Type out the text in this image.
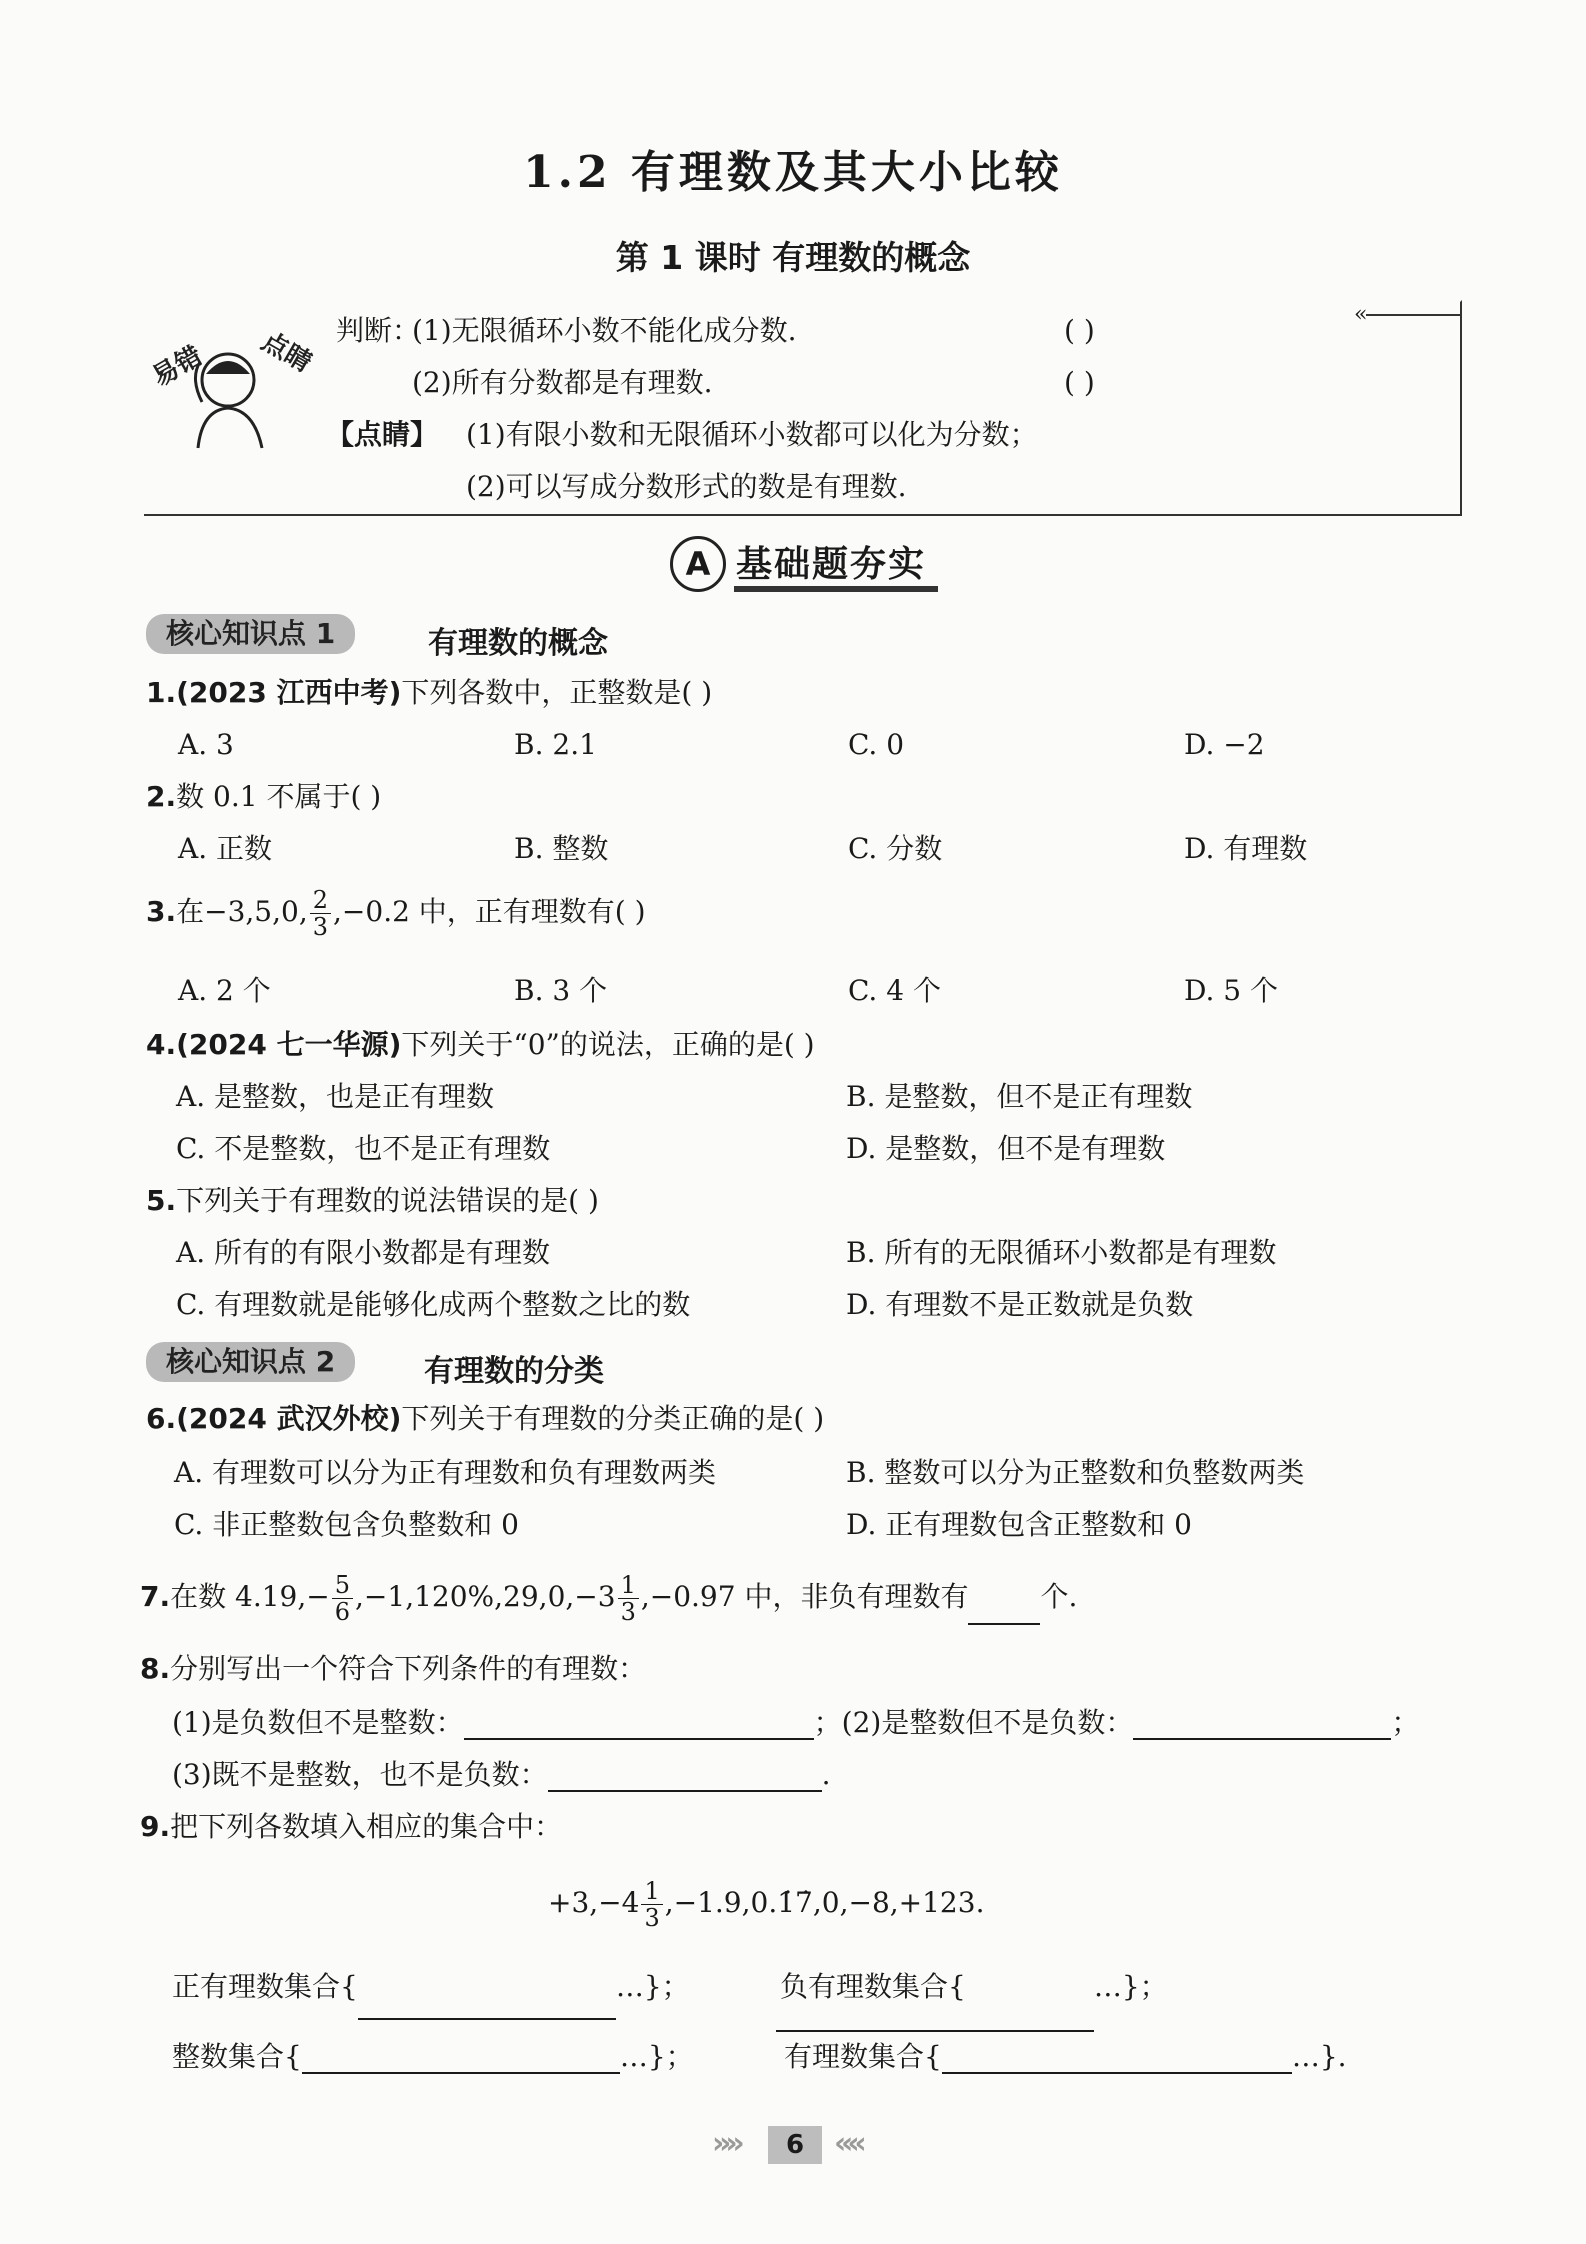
1.2 有理数及其大小比较
第 1 课时 有理数的概念
«
易错 点睛 判断：
(1)无限循环小数不能化成分数.	( )
(2)所有分数都是有理数.	( )
【点睛】 (1)有限小数和无限循环小数都可以化为分数；
(2)可以写成分数形式的数是有理数.
A 基础题夯实
核心知识点 1	有理数的概念
1.(2023 江西中考)下列各数中，正整数是( )
A. 3	B. 2.1	C. 0	D. −2
2.数 0.1 不属于( )
A. 正数	B. 整数	C. 分数	D. 有理数
3.在−3,5,0, $\frac{2}{3} ,-0.2$ 中，正有理数有( )
A. 2 个	B. 3 个	C. 4 个	D. 5 个
4.(2024 七一华源)下列关于“0”的说法，正确的是( )
A. 是整数，也是正有理数	B. 是整数，但不是正有理数
C. 不是整数，也不是正有理数	D. 是整数，但不是有理数
5.下列关于有理数的说法错误的是( )
A. 所有的有限小数都是有理数	B. 所有的无限循环小数都是有理数
C. 有理数就是能够化成两个整数之比的数	D. 有理数不是正数就是负数
核心知识点 2	有理数的分类
6.(2024 武汉外校)下列关于有理数的分类正确的是( )
A. 有理数可以分为正有理数和负有理数两类	B. 整数可以分为正整数和负整数两类
C. 非正整数包含负整数和 0	D. 正有理数包含正整数和 0
7.在数 $4.19,- \frac{5}{6} ,-1,120\%,29,0,-3 \frac{1}{3} ,-0.97$ 中，非负有理数有	个.
8.分别写出一个符合下列条件的有理数：
(1)是负数但不是整数：	；(2)是整数但不是负数：	；
(3)既不是整数，也不是负数：	.
9.把下列各数填入相应的集合中：
$+3,-4 \frac{1}{3}$ ,−1.9,0.1̇7̇,0,−8,+123.
正有理数集合{	…}；	负有理数集合{	…}；
整数集合{	…}；	有理数集合{	…}.
»»	6 ««
